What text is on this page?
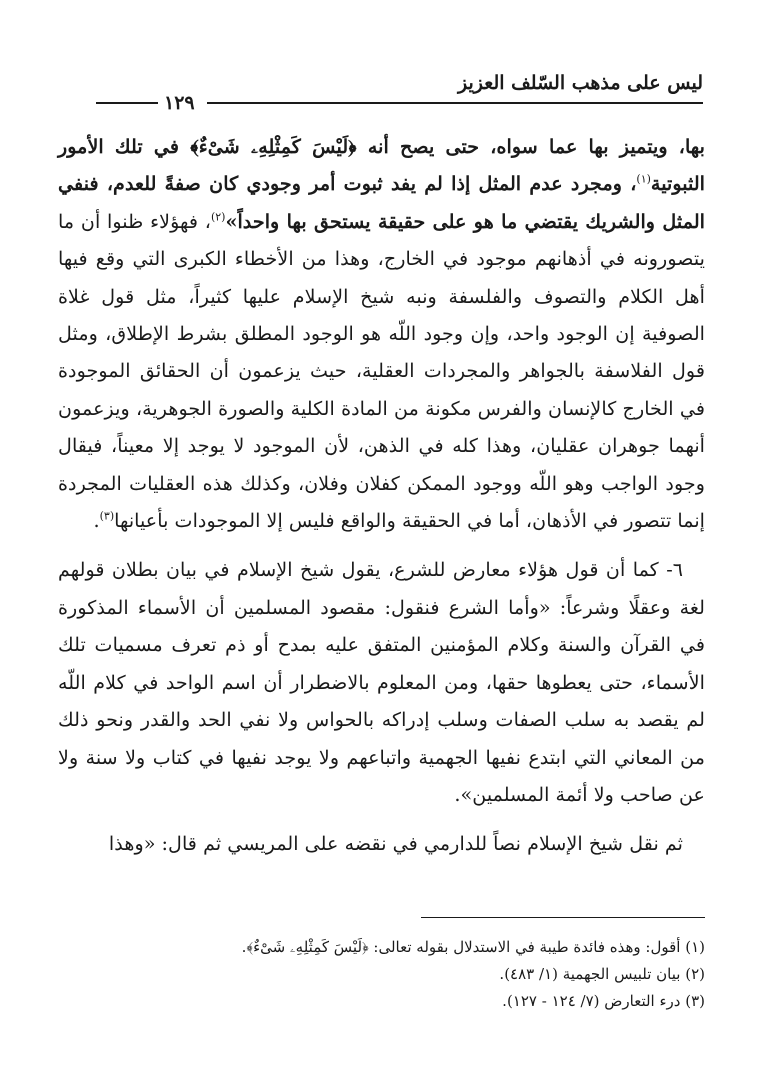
ليس على مذهب السّلف العزيز
١٢٩

بها، ويتميز بها عما سواه، حتى يصح أنه ﴿لَيْسَ كَمِثْلِهِۦ شَىْءٌ﴾ في تلك الأمور الثبوتية$^{(١)}$، ومجرد عدم المثل إذا لم يفد ثبوت أمر وجودي كان صفةً للعدم، فنفي المثل والشريك يقتضي ما هو على حقيقة يستحق بها واحداً»$^{(٢)}$، فهؤلاء ظنوا أن ما يتصورونه في أذهانهم موجود في الخارج، وهذا من الأخطاء الكبرى التي وقع فيها أهل الكلام والتصوف والفلسفة ونبه شيخ الإسلام عليها كثيراً، مثل قول غلاة الصوفية إن الوجود واحد، وإن وجود اللّه هو الوجود المطلق بشرط الإطلاق، ومثل قول الفلاسفة بالجواهر والمجردات العقلية، حيث يزعمون أن الحقائق الموجودة في الخارج كالإنسان والفرس مكونة من المادة الكلية والصورة الجوهرية، ويزعمون أنهما جوهران عقليان، وهذا كله في الذهن، لأن الموجود لا يوجد إلا معيناً، فيقال وجود الواجب وهو اللّه ووجود الممكن كفلان وفلان، وكذلك هذه العقليات المجردة إنما تتصور في الأذهان، أما في الحقيقة والواقع فليس إلا الموجودات بأعيانها$^{(٣)}$.

٦- كما أن قول هؤلاء معارض للشرع، يقول شيخ الإسلام في بيان بطلان قولهم لغة وعقلًا وشرعاً: «وأما الشرع فنقول: مقصود المسلمين أن الأسماء المذكورة في القرآن والسنة وكلام المؤمنين المتفق عليه بمدح أو ذم تعرف مسميات تلك الأسماء، حتى يعطوها حقها، ومن المعلوم بالاضطرار أن اسم الواحد في كلام اللّه لم يقصد به سلب الصفات وسلب إدراكه بالحواس ولا نفي الحد والقدر ونحو ذلك من المعاني التي ابتدع نفيها الجهمية واتباعهم ولا يوجد نفيها في كتاب ولا سنة ولا عن صاحب ولا أئمة المسلمين».

ثم نقل شيخ الإسلام نصاً للدارمي في نقضه على المريسي ثم قال: «وهذا

(١) أقول: وهذه فائدة طيبة في الاستدلال بقوله تعالى: ﴿لَيْسَ كَمِثْلِهِۦ شَىْءٌ﴾.
(٢) بيان تلبيس الجهمية (١/ ٤٨٣).
(٣) درء التعارض (٧/ ١٢٤ - ١٢٧).
